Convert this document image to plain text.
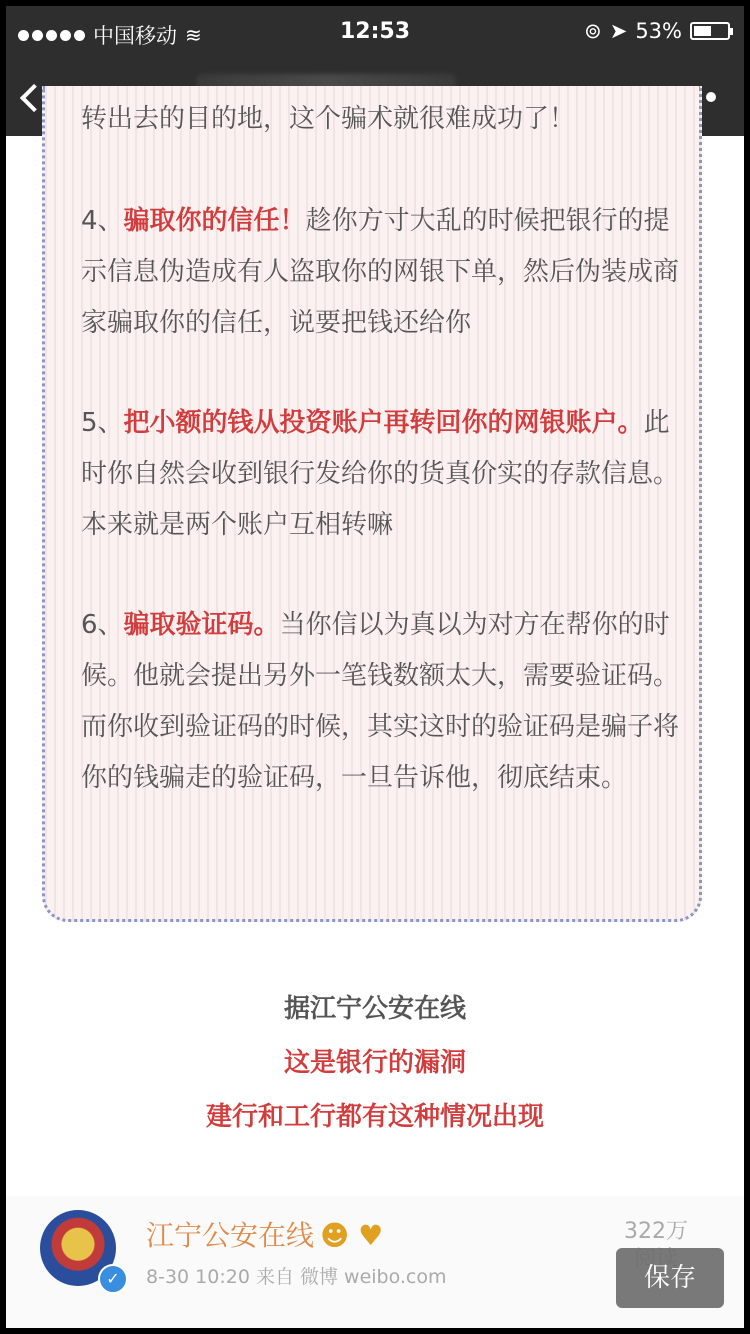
中国移动 ≋	12:53	⊚ ➤ 53%
转出去的目的地，这个骗术就很难成功了！
4、骗取你的信任！趁你方寸大乱的时候把银行的提示信息伪造成有人盗取你的网银下单，然后伪装成商家骗取你的信任，说要把钱还给你
5、把小额的钱从投资账户再转回你的网银账户。此时你自然会收到银行发给你的货真价实的存款信息。本来就是两个账户互相转嘛
6、骗取验证码。当你信以为真以为对方在帮你的时候。他就会提出另外一笔钱数额太大，需要验证码。而你收到验证码的时候，其实这时的验证码是骗子将你的钱骗走的验证码，一旦告诉他，彻底结束。
据江宁公安在线
这是银行的漏洞
建行和工行都有这种情况出现
✓
江宁公安在线 ☻ ♥
8-30 10:20 来自 微博 weibo.com
322万
保存
